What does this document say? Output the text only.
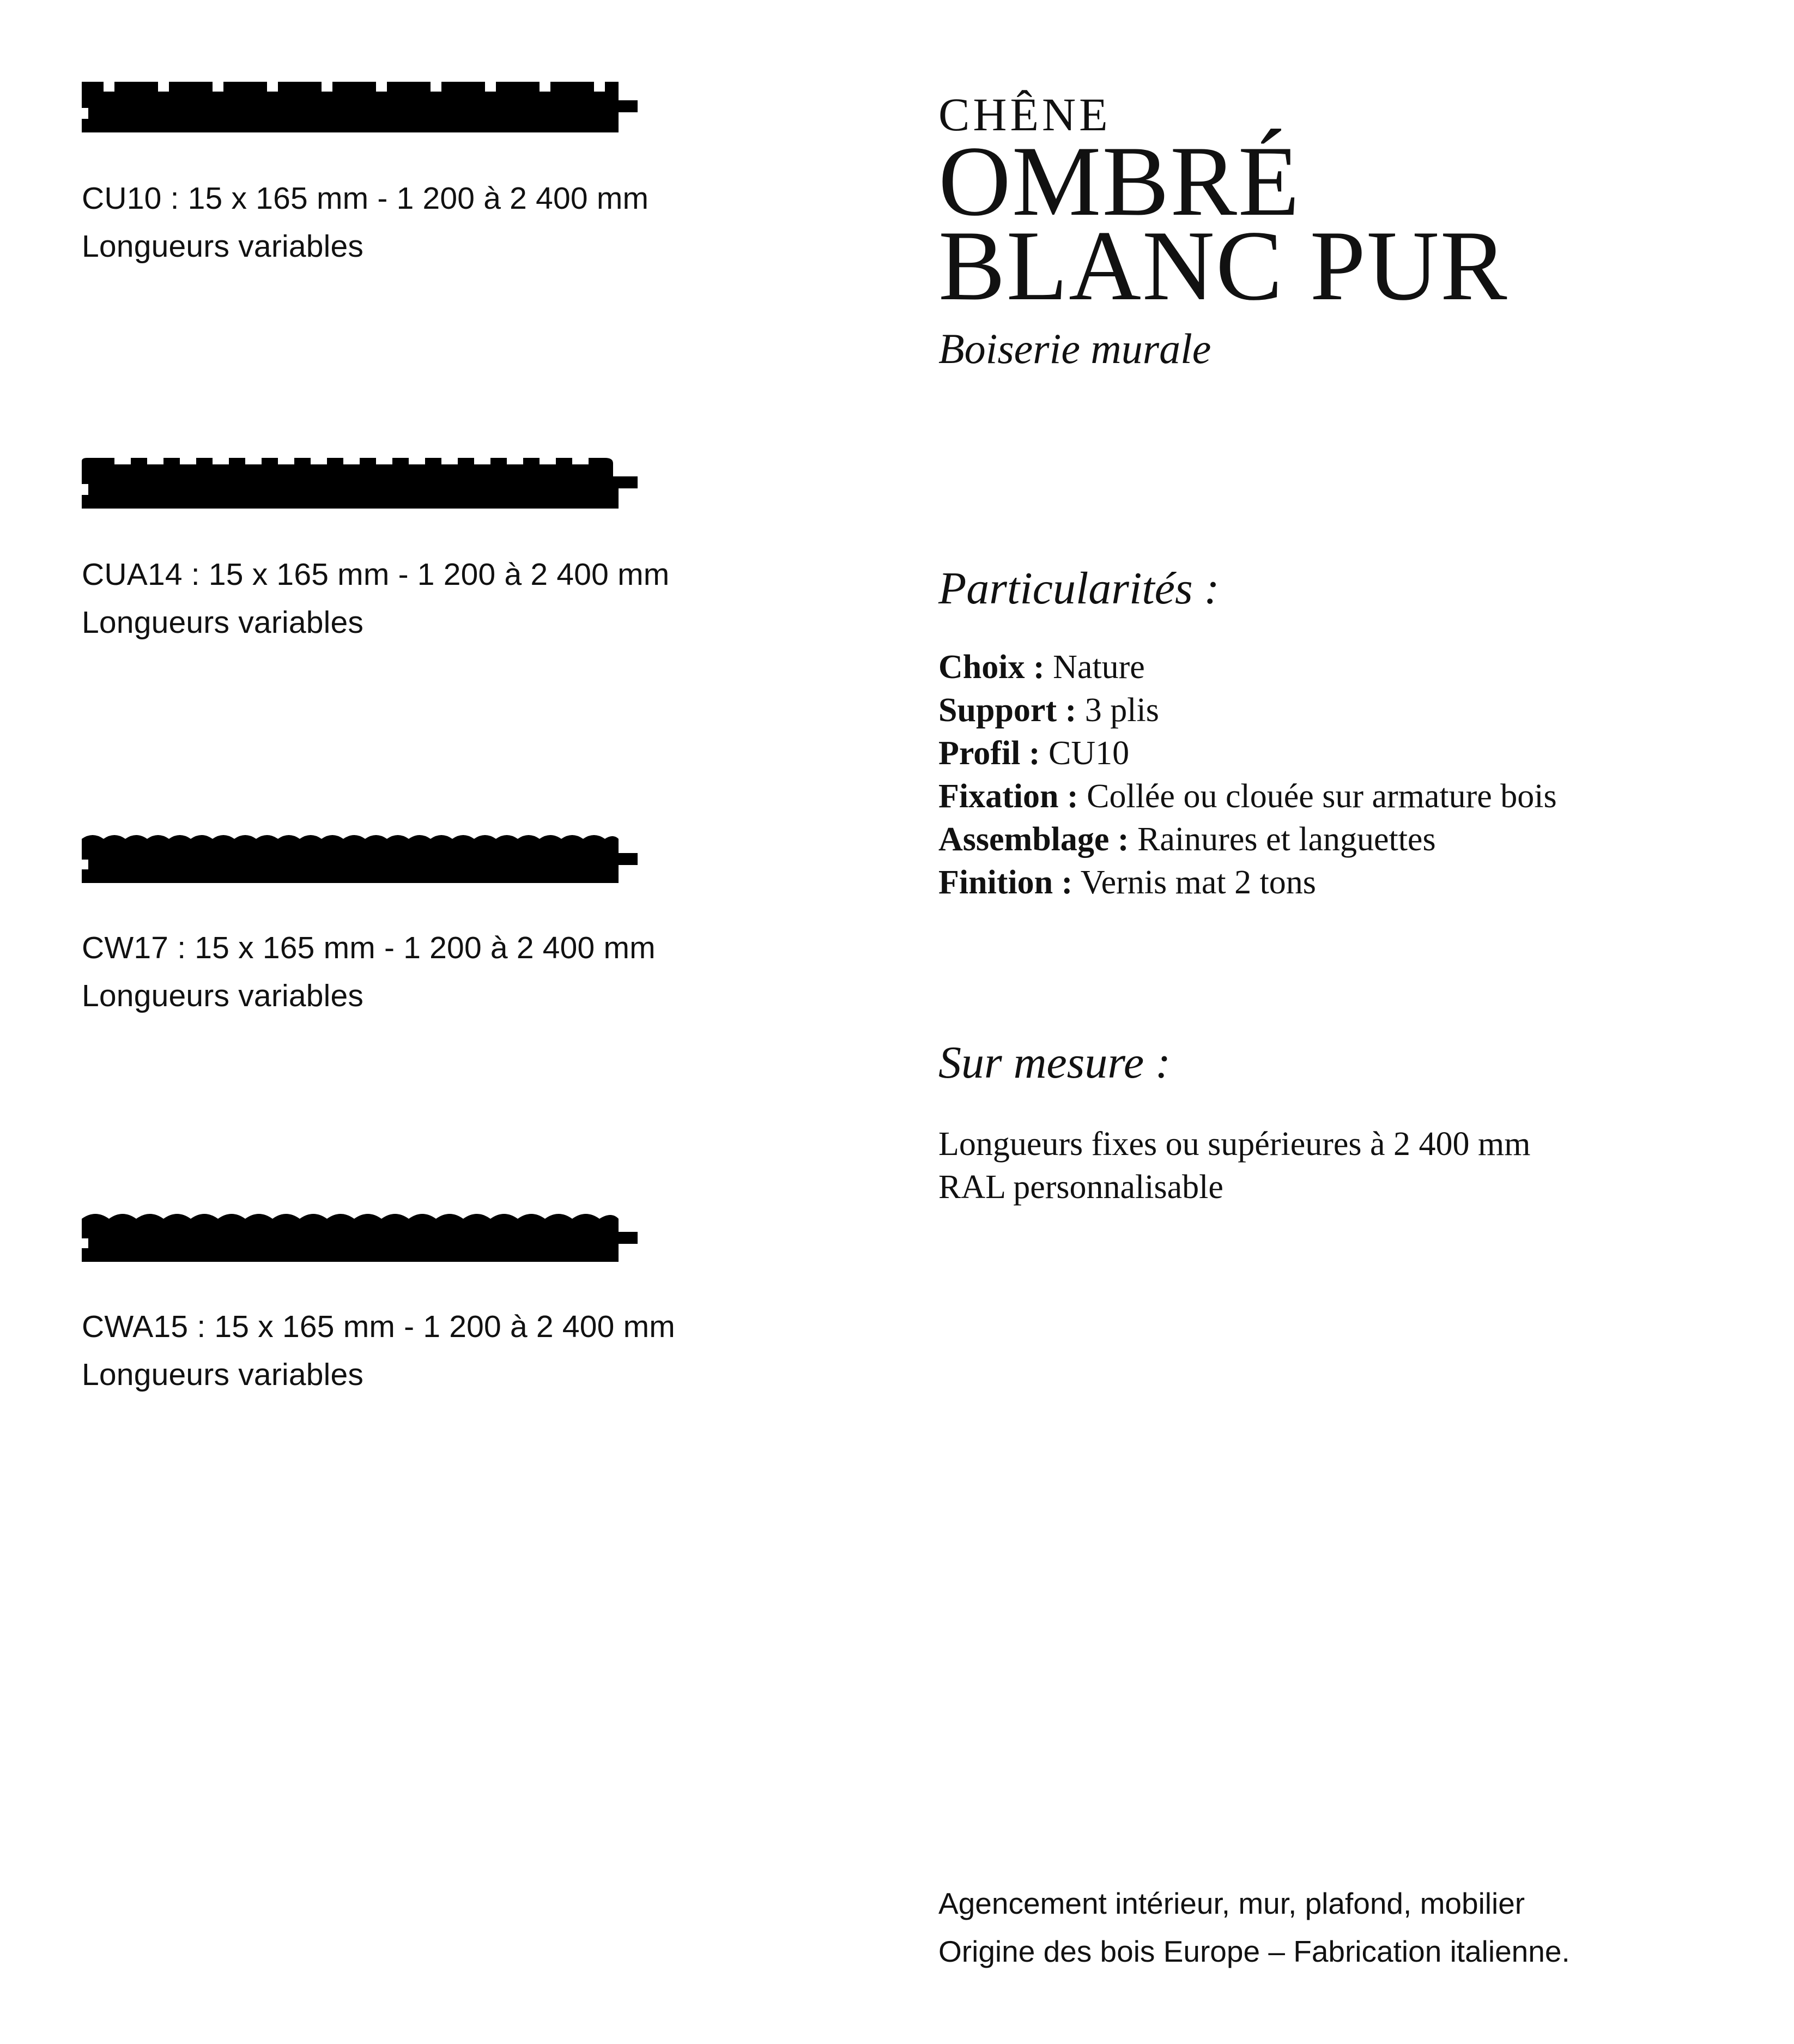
CU10 : 15 x 165 mm - 1 200 à 2 400 mm
Longueurs variables
CUA14 : 15 x 165 mm - 1 200 à 2 400 mm
Longueurs variables
CW17 : 15 x 165 mm - 1 200 à 2 400 mm
Longueurs variables
CWA15 : 15 x 165 mm - 1 200 à 2 400 mm
Longueurs variables
CHÊNE
OMBRÉ
BLANC PUR
Boiserie murale
Particularités :
Choix : Nature
Support : 3 plis
Profil : CU10
Fixation : Collée ou clouée sur armature bois
Assemblage : Rainures et languettes
Finition : Vernis mat 2 tons
Sur mesure :
Longueurs fixes ou supérieures à 2 400 mm
RAL personnalisable
Agencement intérieur, mur, plafond, mobilier
Origine des bois Europe – Fabrication italienne.
